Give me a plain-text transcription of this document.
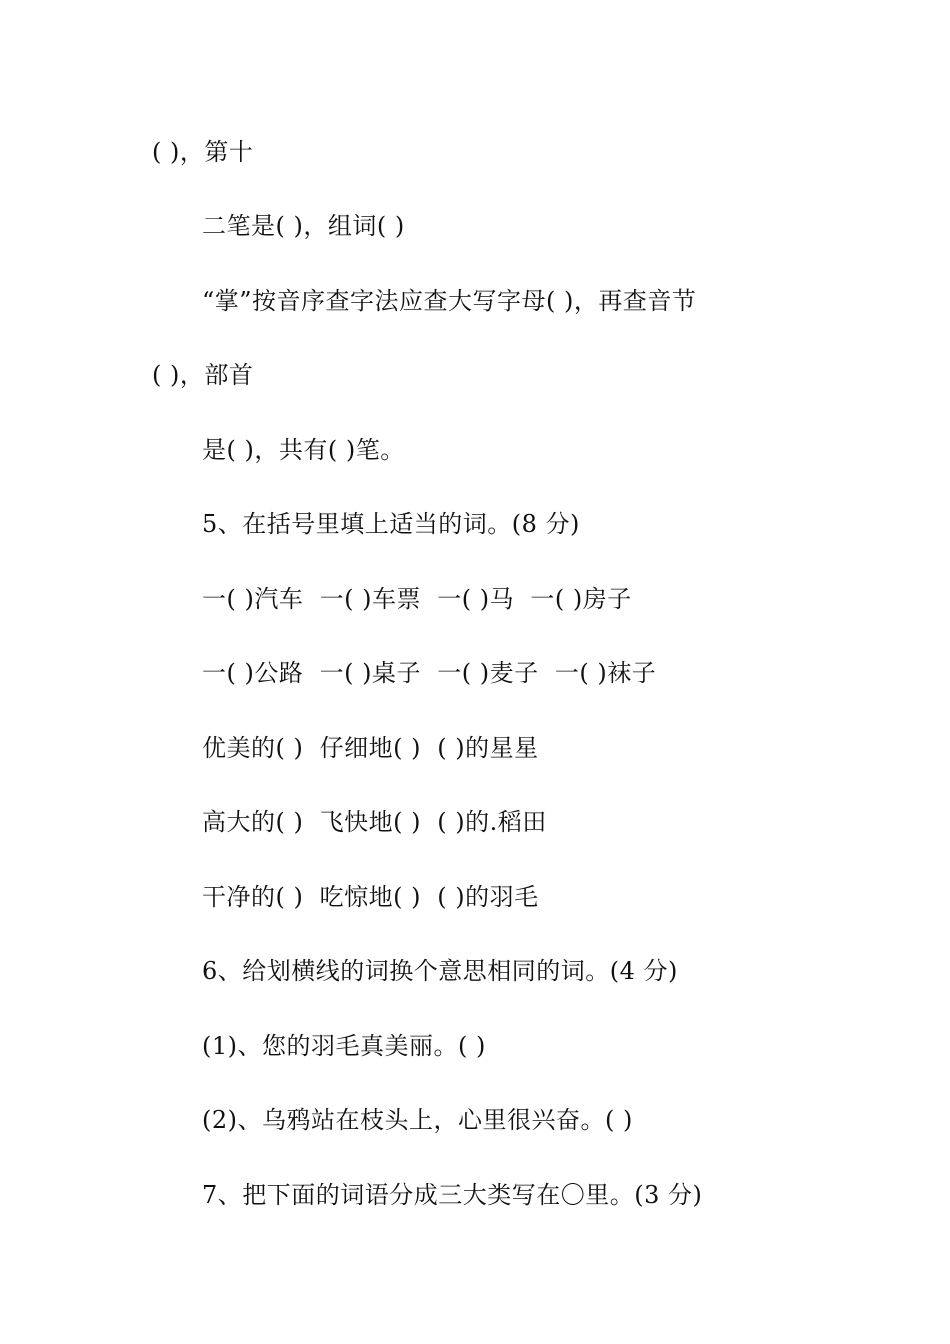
( )，第十
二笔是( )，组词( )
“掌”按音序查字法应查大写字母( )，再查音节
( )，部首
是( )，共有( )笔。
5、在括号里填上适当的词。(8 分)
一( )汽车  一( )车票  一( )马  一( )房子
一( )公路  一( )桌子  一( )麦子  一( )袜子
优美的( )  仔细地( )  ( )的星星
高大的( )  飞快地( )  ( )的.稻田
干净的( )  吃惊地( )  ( )的羽毛
6、给划横线的词换个意思相同的词。(4 分)
(1)、您的羽毛真美丽。( )
(2)、乌鸦站在枝头上，心里很兴奋。( )
7、把下面的词语分成三大类写在〇里。(3 分)
